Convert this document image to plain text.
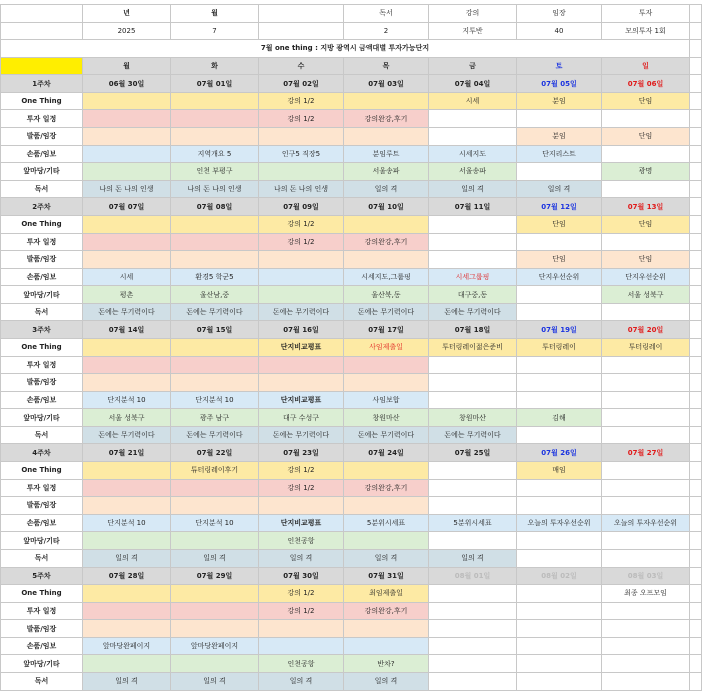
	년	월		독서	강의	임장	투자	
	2025	7		2	지투반	40	모의투자 1회	
7월 one thing : 지방 광역시 금액대별 투자가능단지								
	월	화	수	목	금	토	일	
1주차	06월 30일	07월 01일	07월 02일	07월 03일	07월 04일	07월 05일	07월 06일	
One Thing			강의 1/2		시세	분임	단임	
투자 일정			강의 1/2	강의완강,후기				
발품/임장						분임	단임	
손품/임보		지역개요 5	인구5 직장5	분임루트	시세지도	단지리스트		
앞마당/기타		인천 부평구		서울송파	서울송파		광명	
독서	나의 돈 나의 인생	나의 돈 나의 인생	나의 돈 나의 인생	일의 격	일의 격	일의 격		
2주차	07월 07일	07월 08일	07월 09일	07월 10일	07월 11일	07월 12일	07월 13일	
One Thing			강의 1/2			단임	단임	
투자 일정			강의 1/2	강의완강,후기				
발품/임장						단임	단임	
손품/임보	시세	환경5 학군5		시세지도,그룹핑	시세그룹핑	단지우선순위	단지우선순위	
앞마당/기타	평촌	울산남,중		울산북,동	대구중,동		서울 성북구	
독서	돈에는 무기력이다	돈에는 무기력이다	돈에는 무기력이다	돈에는 무기력이다	돈에는 무기력이다			
3주차	07월 14일	07월 15일	07월 16일	07월 17일	07월 18일	07월 19일	07월 20일	
One Thing			단지비교평표	사임제출일	투터링레이젊은준비	투터링레이	투터링레이	
투자 일정								
발품/임장								
손품/임보	단지분석 10	단지분석 10	단지비교평표	사임보합				
앞마당/기타	서울 성북구	광주 남구	대구 수성구	창원마산	창원마산	김해		
독서	돈에는 무기력이다	돈에는 무기력이다	돈에는 무기력이다	돈에는 무기력이다	돈에는 무기력이다			
4주차	07월 21일	07월 22일	07월 23일	07월 24일	07월 25일	07월 26일	07월 27일	
One Thing		튜터링레이후기	강의 1/2			매임		
투자 일정			강의 1/2	강의완강,후기				
발품/임장								
손품/임보	단지분석 10	단지분석 10	단지비교평표	5분위시세표	5분위시세표	오늘의 투자우선순위	오늘의 투자우선순위	
앞마당/기타			인천공항					
독서	일의 격	일의 격	일의 격	일의 격	일의 격			
5주차	07월 28일	07월 29일	07월 30일	07월 31일	08월 01일	08월 02일	08월 03일	
One Thing			강의 1/2	최임제출일			최종 오프모임	
투자 일정			강의 1/2	강의완강,후기				
발품/임장								
손품/임보	앞마당완페이지	앞마당완페이지						
앞마당/기타			인천공항	반차?				
독서	일의 격	일의 격	일의 격	일의 격				
